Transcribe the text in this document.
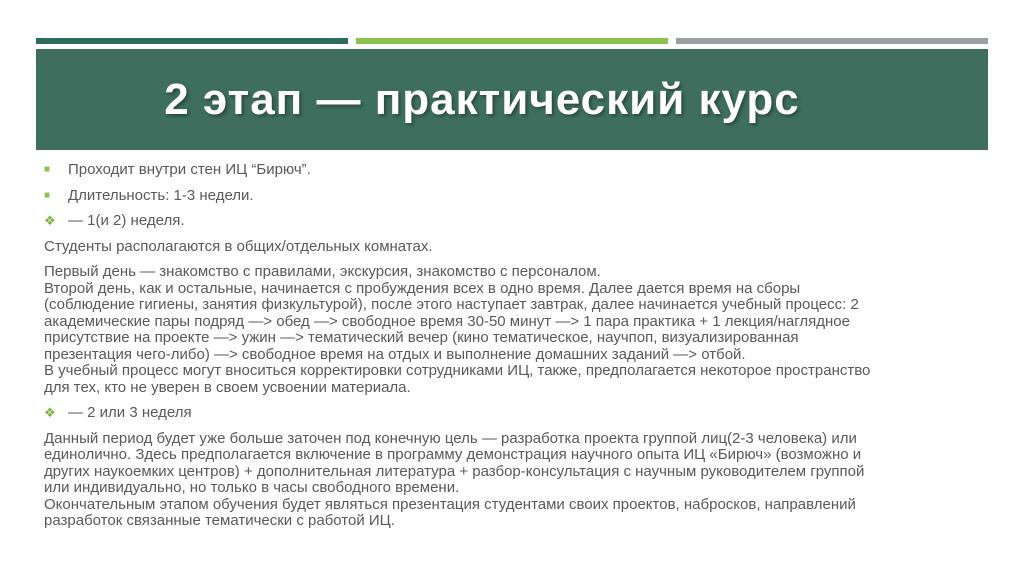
2 этап — практический курс
■	Проходит внутри стен ИЦ “Бирюч”.
■	Длительность: 1-3 недели.
❖ — 1(и 2) неделя.

Студенты располагаются в общих/отдельных комнатах.

Первый день — знакомство с правилами, экскурсия, знакомство с персоналом.
Второй день, как и остальные, начинается с пробуждения всех в одно время. Далее дается время на сборы
(соблюдение гигиены, занятия физкультурой), после этого наступает завтрак, далее начинается учебный процесс: 2
академические пары подряд —> обед —> свободное время 30-50 минут —> 1 пара практика + 1 лекция/наглядное
присутствие на проекте —> ужин —> тематический вечер (кино тематическое, научпоп, визуализированная
презентация чего-либо) —> свободное время на отдых и выполнение домашних заданий —> отбой.
В учебный процесс могут вноситься корректировки сотрудниками ИЦ, также, предполагается некоторое пространство
для тех, кто не уверен в своем усвоении материала.

❖ — 2 или 3 неделя

Данный период будет уже больше заточен под конечную цель — разработка проекта группой лиц(2-3 человека) или
единолично. Здесь предполагается включение в программу демонстрация научного опыта ИЦ «Бирюч» (возможно и
других наукоемких центров) + дополнительная литература + разбор-консультация с научным руководителем группой
или индивидуально, но только в часы свободного времени.
Окончательным этапом обучения будет являться презентация студентами своих проектов, набросков, направлений
разработок связанные тематически с работой ИЦ.
